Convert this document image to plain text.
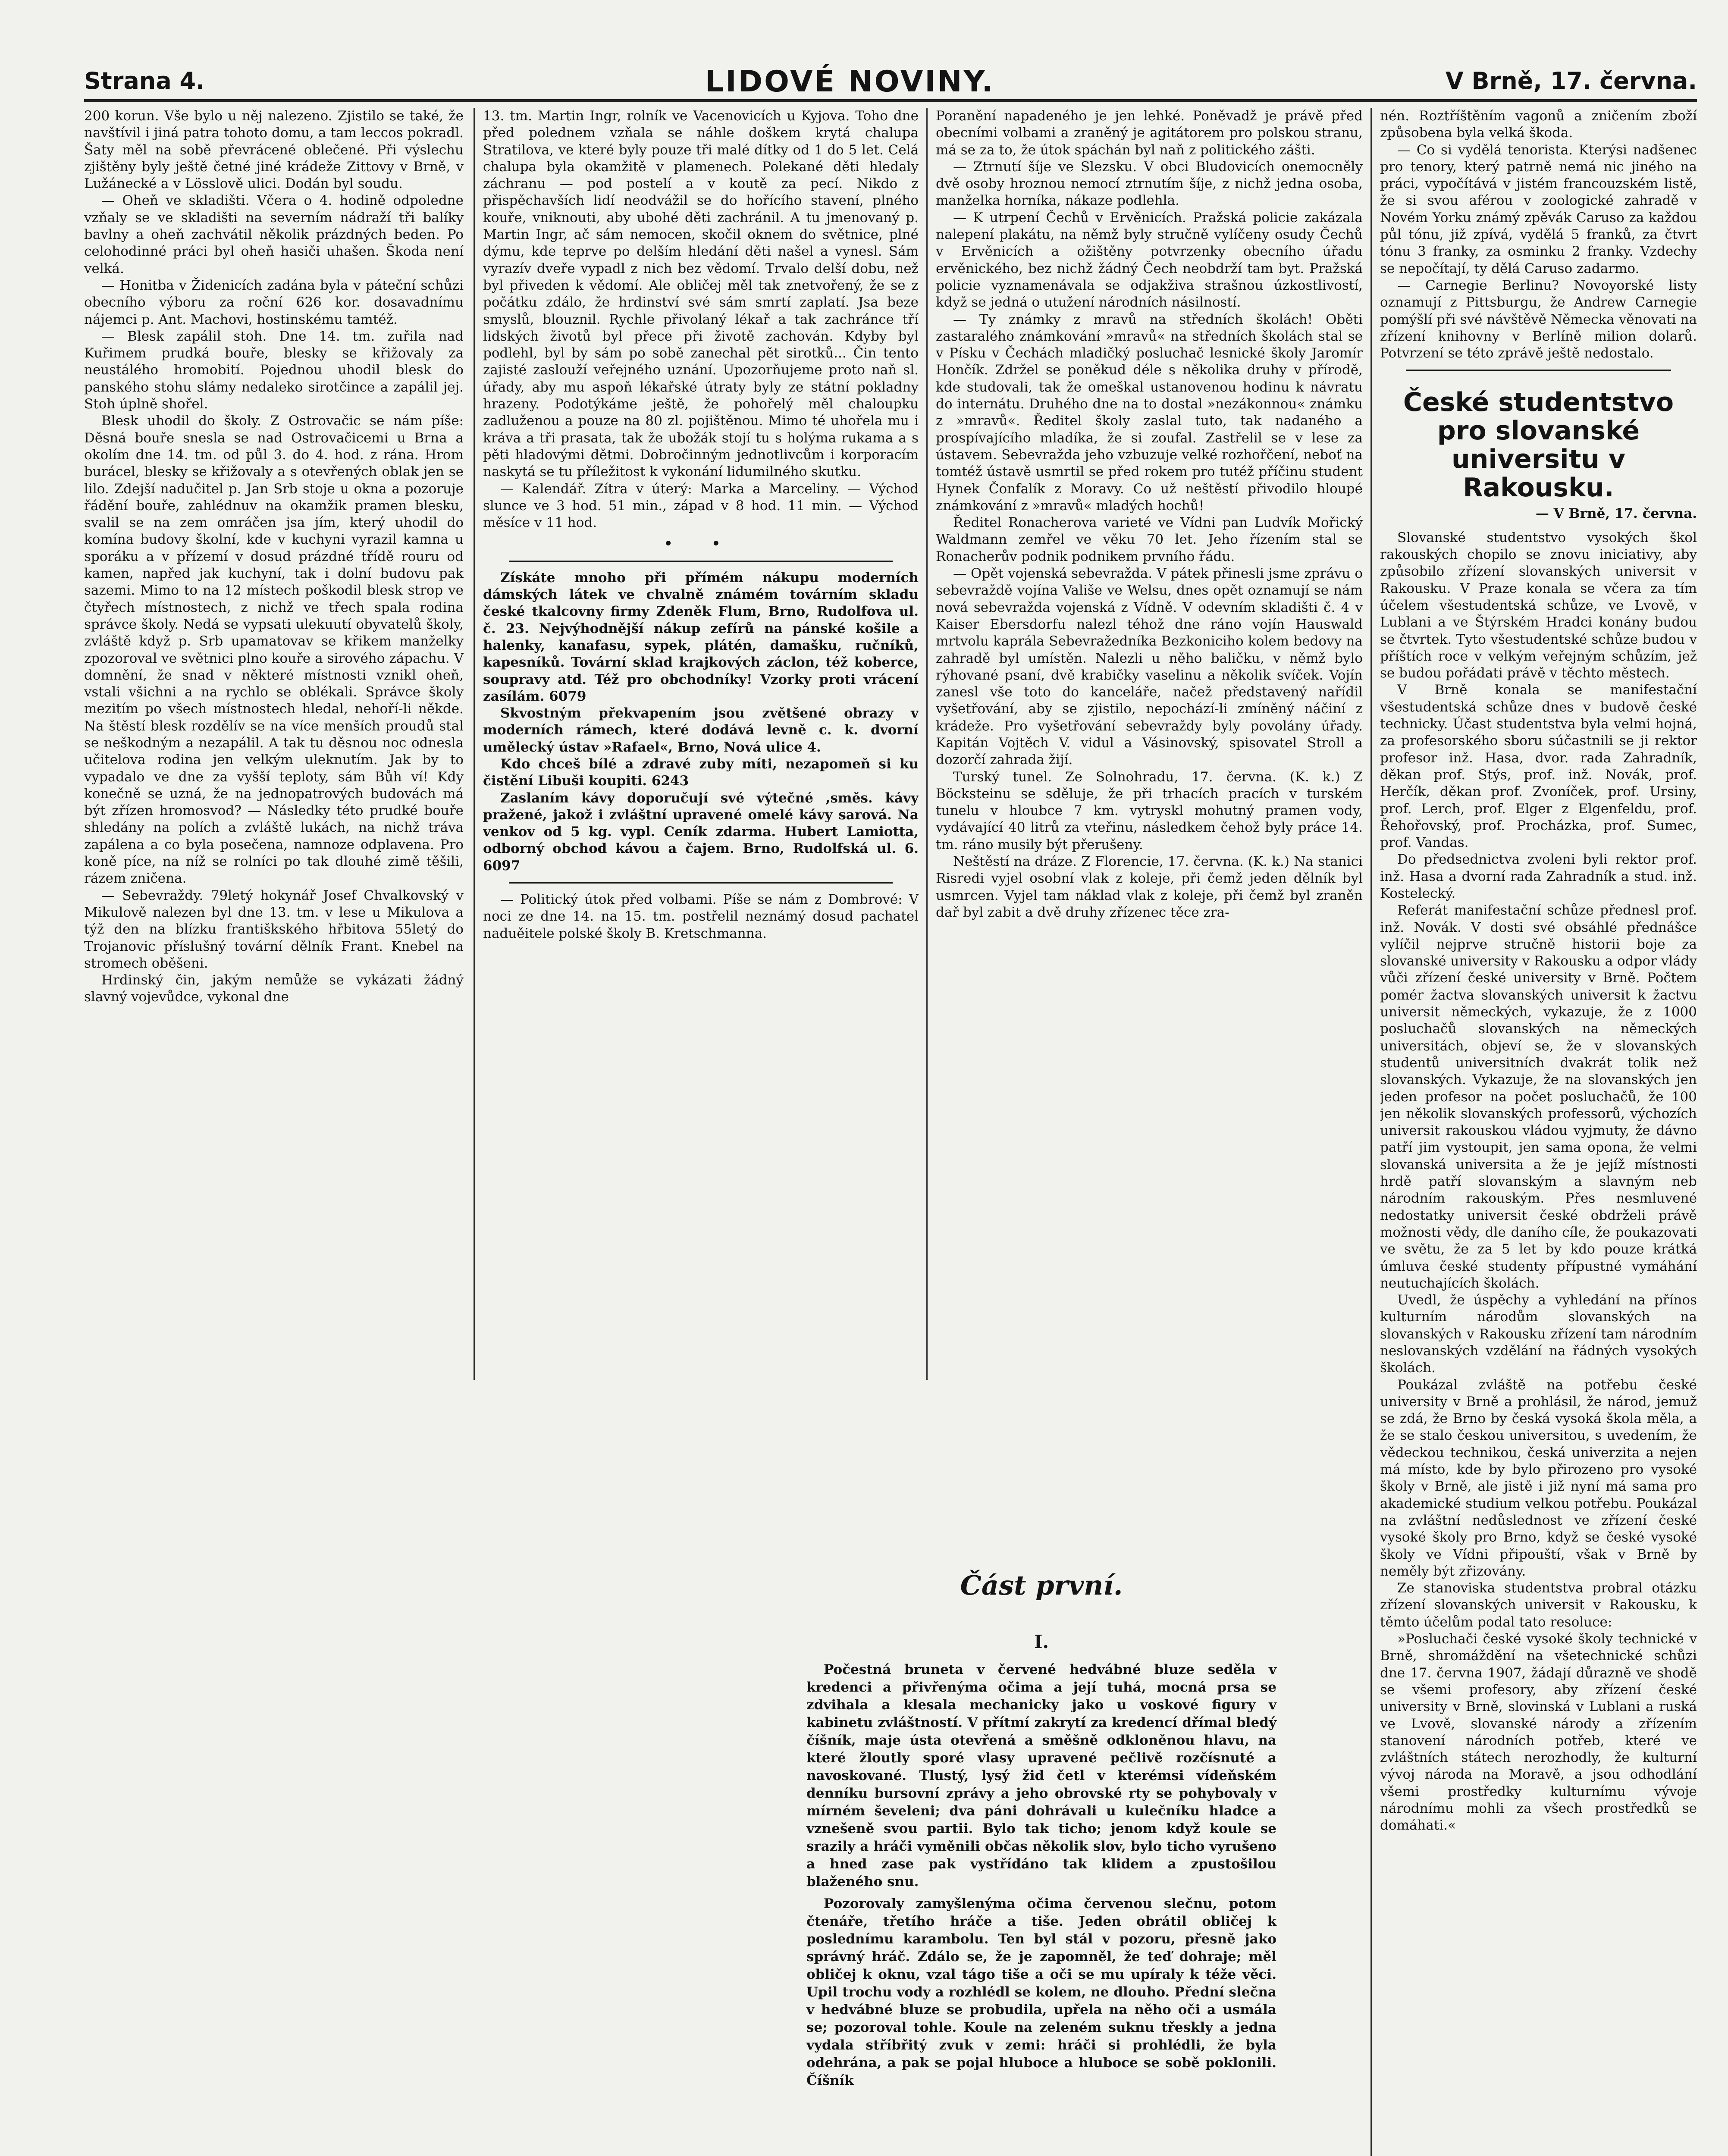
Strana 4.	LIDOVÉ NOVINY.	V Brně, 17. června.

200 korun. Vše bylo u něj nalezeno. Zjistilo se také, že navštívil i jiná patra tohoto domu, a tam leccos pokradl. Šaty měl na sobě převrácené oblečené. Při výslechu zjištěny byly ještě četné jiné krádeže Zittovy v Brně, v Lužánecké a v Lösslově ulici. Dodán byl soudu.

— Oheň ve skladišti. Včera o 4. hodině odpoledne vzňaly se ve skladišti na severním nádraží tři balíky bavlny a oheň zachvátil několik prázdných beden. Po celohodinné práci byl oheň hasiči uhašen. Škoda není velká.

— Honitba v Židenicích zadána byla v páteční schůzi obecního výboru za roční 626 kor. dosavadnímu nájemci p. Ant. Machovi, hostinskému tamtéž.

— Blesk zapálil stoh. Dne 14. tm. zuřila nad Kuřimem prudká bouře, blesky se křižovaly za neustálého hromobití. Pojednou uhodil blesk do panského stohu slámy nedaleko sirotčince a zapálil jej. Stoh úplně shořel.

Blesk uhodil do školy. Z Ostrovačic se nám píše: Děsná bouře snesla se nad Ostrovačicemi u Brna a okolím dne 14. tm. od půl 3. do 4. hod. z rána. Hrom burácel, blesky se křižovaly a s otevřených oblak jen se lilo. Zdejší nadučitel p. Jan Srb stoje u okna a pozoruje řádění bouře, zahlédnuv na okamžik pramen blesku, svalil se na zem omráčen jsa jím, který uhodil do komína budovy školní, kde v kuchyni vyrazil kamna u sporáku a v přízemí v dosud prázdné třídě rouru od kamen, napřed jak kuchyní, tak i dolní budovu pak sazemi. Mimo to na 12 místech poškodil blesk strop ve čtyřech místnostech, z nichž ve třech spala rodina správce školy. Nedá se vypsati ulekuutí obyvatelů školy, zvláště když p. Srb upamatovav se křikem manželky zpozoroval ve světnici plno kouře a sirového zápachu. V domnění, že snad v některé místnosti vznikl oheň, vstali všichni a na rychlo se oblékali. Správce školy mezitím po všech místnostech hledal, nehoří-li někde. Na štěstí blesk rozdělív se na více menších proudů stal se neškodným a nezapálil. A tak tu děsnou noc odnesla učitelova rodina jen velkým uleknutím. Jak by to vypadalo ve dne za vyšší teploty, sám Bůh ví! Kdy konečně se uzná, že na jednopatrových budovách má být zřízen hromosvod? — Následky této prudké bouře shledány na polích a zvláště lukách, na nichž tráva zapálena a co byla posečena, namnoze odplavena. Pro koně píce, na níž se rolníci po tak dlouhé zimě těšili, rázem zničena.

— Sebevraždy. 79letý hokynář Josef Chvalkovský v Mikulově nalezen byl dne 13. tm. v lese u Mikulova a týž den na blízku františkského hřbitova 55letý do Trojanovic příslušný tovární dělník Frant. Knebel na stromech oběšeni.

Hrdinský čin, jakým nemůže se vykázati žádný slavný vojevůdce, vykonal dne

13. tm. Martin Ingr, rolník ve Vacenovicích u Kyjova. Toho dne před polednem vzňala se náhle doškem krytá chalupa Stratilova, ve které byly pouze tři malé dítky od 1 do 5 let. Celá chalupa byla okamžitě v plamenech. Polekané děti hledaly záchranu — pod postelí a v koutě za pecí. Nikdo z přispěchavších lidí neodvážil se do hořícího stavení, plného kouře, vniknouti, aby ubohé děti zachránil. A tu jmenovaný p. Martin Ingr, ač sám nemocen, skočil oknem do světnice, plné dýmu, kde teprve po delším hledání děti našel a vynesl. Sám vyrazív dveře vypadl z nich bez vědomí. Trvalo delší dobu, než byl přiveden k vědomí. Ale obličej měl tak znetvořený, že se z počátku zdálo, že hrdinství své sám smrtí zaplatí. Jsa beze smyslů, blouznil. Rychle přivolaný lékař a tak zachránce tří lidských životů byl přece při životě zachován. Kdyby byl podlehl, byl by sám po sobě zanechal pět sirotků... Čin tento zajisté zaslouží veřejného uznání. Upozorňujeme proto naň sl. úřady, aby mu aspoň lékařské útraty byly ze státní pokladny hrazeny. Podotýkáme ještě, že pohořelý měl chaloupku zadluženou a pouze na 80 zl. pojištěnou. Mimo té uhořela mu i kráva a tři prasata, tak že ubožák stojí tu s holýma rukama a s pěti hladovými dětmi. Dobročinným jednotlivcům i korporacím naskytá se tu příležitost k vykonání lidumilného skutku.

— Kalendář. Zítra v úterý: Marka a Marceliny. — Východ slunce ve 3 hod. 51 min., západ v 8 hod. 11 min. — Východ měsíce v 11 hod.

• •

Získáte mnoho při přímém nákupu moderních dámských látek ve chvalně známém továrním skladu české tkalcovny firmy Zdeněk Flum, Brno, Rudolfova ul. č. 23. Nejvýhodnější nákup zefírů na pánské košile a halenky, kanafasu, sypek, plátén, damašku, ručníků, kapesníků. Tovární sklad krajkových záclon, též koberce, soupravy atd. Též pro obchodníky! Vzorky proti vrácení zasílám. 6079

Skvostným překvapením jsou zvětšené obrazy v moderních rámech, které dodává levně c. k. dvorní umělecký ústav »Rafael«, Brno, Nová ulice 4.

Kdo chceš bílé a zdravé zuby míti, nezapomeň si ku čistění Libuši koupiti. 6243

Zaslaním kávy doporučují své výtečné ,směs. kávy pražené, jakož i zvláštní upravené omelé kávy sarová. Na venkov od 5 kg. vypl. Ceník zdarma. Hubert Lamiotta, odborný obchod kávou a čajem. Brno, Rudolfská ul. 6. 6097

— Politický útok před volbami. Píše se nám z Dombrové: V noci ze dne 14. na 15. tm. postřelil neznámý dosud pachatel naduěitele polské školy B. Kretschmanna.

Poranění napadeného je jen lehké. Poněvadž je právě před obecními volbami a zraněný je agitátorem pro polskou stranu, má se za to, že útok spáchán byl naň z politického zášti.

— Ztrnutí šíje ve Slezsku. V obci Bludovicích onemocněly dvě osoby hroznou nemocí ztrnutím šíje, z nichž jedna osoba, manželka horníka, nákaze podlehla.

— K utrpení Čechů v Ervěnicích. Pražská policie zakázala nalepení plakátu, na němž byly stručně vylíčeny osudy Čechů v Ervěnicích a ožištěny potvrzenky obecního úřadu ervěnického, bez nichž žádný Čech neobdrží tam byt. Pražská policie vyznamenávala se odjakživa strašnou úzkostlivostí, když se jedná o utužení národních násilností.

— Ty známky z mravů na středních školách! Oběti zastaralého známkování »mravů« na středních školách stal se v Písku v Čechách mladičký posluchač lesnické školy Jaromír Hončík. Zdržel se poněkud déle s několika druhy v přírodě, kde studovali, tak že omeškal ustanovenou hodinu k návratu do internátu. Druhého dne na to dostal »nezákonnou« známku z »mravů«. Ředitel školy zaslal tuto, tak nadaného a prospívajícího mladíka, že si zoufal. Zastřelil se v lese za ústavem. Sebevražda jeho vzbuzuje velké rozhořčení, neboť na tomtéž ústavě usmrtil se před rokem pro tutéž příčinu student Hynek Čonfalík z Moravy. Co už neštěstí přivodilo hloupé známkování z »mravů« mladých hochů!

Ředitel Ronacherova varieté ve Vídni pan Ludvík Mořický Waldmann zemřel ve věku 70 let. Jeho řízením stal se Ronacherův podnik podnikem prvního řádu.

— Opět vojenská sebevražda. V pátek přinesli jsme zprávu o sebevraždě vojína Vališe ve Welsu, dnes opět oznamují se nám nová sebevražda vojenská z Vídně. V odevním skladišti č. 4 v Kaiser Ebersdorfu nalezl téhož dne ráno vojín Hauswald mrtvolu kaprála Sebevražedníka Bezkoniciho kolem bedovy na zahradě byl umístěn. Nalezli u něho baličku, v němž bylo rýhované psaní, dvě krabičky vaselinu a několik svíček. Vojín zanesl vše toto do kanceláře, načež představený nařídil vyšetřování, aby se zjistilo, nepochází-li zmíněný náčiní z krádeže. Pro vyšetřování sebevraždy byly povolány úřady. Kapitán Vojtěch V. vidul a Vásinovský, spisovatel Stroll a dozorčí zahrada žijí.

Turský tunel. Ze Solnohradu, 17. června. (K. k.) Z Böcksteinu se sděluje, že při trhacích pracích v turském tunelu v hloubce 7 km. vytryskl mohutný pramen vody, vydávající 40 litrů za vteřinu, následkem čehož byly práce 14. tm. ráno musily být přerušeny.

Neštěstí na dráze. Z Florencie, 17. června. (K. k.) Na stanici Risredi vyjel osobní vlak z koleje, při čemž jeden dělník byl usmrcen. Vyjel tam náklad vlak z koleje, při čemž byl zraněn dař byl zabit a dvě druhy zřízenec těce zra-

nén. Roztříštěním vagonů a zničením zboží způsobena byla velká škoda.

— Co si vydělá tenorista. Kterýsi nadšenec pro tenory, který patrně nemá nic jiného na práci, vypočítává v jistém francouzském listě, že si svou aférou v zoologické zahradě v Novém Yorku známý zpěvák Caruso za každou půl tónu, již zpívá, vydělá 5 franků, za čtvrt tónu 3 franky, za osminku 2 franky. Vzdechy se nepočítají, ty dělá Caruso zadarmo.

— Carnegie Berlinu? Novoyorské listy oznamují z Pittsburgu, že Andrew Carnegie pomýšlí při své návštěvě Německa věnovati na zřízení knihovny v Berlíně milion dolarů. Potvrzení se této zprávě ještě nedostalo.

České studentstvo pro slovanské universitu v Rakousku.
— V Brně, 17. června.

Slovanské studentstvo vysokých škol rakouských chopilo se znovu iniciativy, aby způsobilo zřízení slovanských universit v Rakousku. V Praze konala se včera za tím účelem všestudentská schůze, ve Lvově, v Lublani a ve Štýrském Hradci konány budou se čtvrtek. Tyto všestudentské schůze budou v příštích roce v velkým veřejným schůzím, jež se budou pořádati právě v těchto městech.

V Brně konala se manifestační všestudentská schůze dnes v budově české technicky. Účast studentstva byla velmi hojná, za profesorského sboru súčastnili se ji rektor profesor inž. Hasa, dvor. rada Zahradník, děkan prof. Stýs, prof. inž. Novák, prof. Herčík, děkan prof. Zvoníček, prof. Ursiny, prof. Lerch, prof. Elger z Elgenfeldu, prof. Řehořovský, prof. Procházka, prof. Sumec, prof. Vandas.

Do předsednictva zvoleni byli rektor prof. inž. Hasa a dvorní rada Zahradník a stud. inž. Kostelecký.

Referát manifestační schůze přednesl prof. inž. Novák. V dosti své obsáhlé přednášce vylíčil nejprve stručně historii boje za slovanské university v Rakousku a odpor vlády vůči zřízení české university v Brně. Počtem pomér žactva slovanských universit k žactvu universit německých, vykazuje, že z 1000 posluchačů slovanských na německých universitách, objeví se, že v slovanských studentů universitních dvakrát tolik než slovanských. Vykazuje, že na slovanských jen jeden profesor na počet posluchačů, že 100 jen několik slovanských professorů, výchozích universit rakouskou vládou vyjmuty, že dávno patří jim vystoupit, jen sama opona, že velmi slovanská universita a že je jejíž místnosti hrdě patří slovanským a slavným neb národním rakouským. Přes nesmluvené nedostatky universit české obdrželi právě možnosti vědy, dle daního cíle, že poukazovati ve světu, že za 5 let by kdo pouze krátká úmluva české studenty přípustné vymáhání neutuchajících školách.

Uvedl, že úspěchy a vyhledání na přínos kulturním národům slovanských na slovanských v Rakousku zřízení tam národním neslovanských vzdělání na řádných vysokých školách.

Poukázal zvláště na potřebu české university v Brně a prohlásil, že národ, jemuž se zdá, že Brno by česká vysoká škola měla, a že se stalo českou universitou, s uvedením, že vědeckou technikou, česká univerzita a nejen má místo, kde by bylo přirozeno pro vysoké školy v Brně, ale jistě i již nyní má sama pro akademické studium velkou potřebu. Poukázal na zvláštní nedůslednost ve zřízení české vysoké školy pro Brno, když se české vysoké školy ve Vídni připouští, však v Brně by neměly být zřizovány.

Ze stanoviska studentstva probral otázku zřízení slovanských universit v Rakousku, k těmto účelům podal tato resoluce:

»Posluchači české vysoké školy technické v Brně, shromáždění na všetechnické schůzi dne 17. června 1907, žádají důrazně ve shodě se všemi profesory, aby zřízení české university v Brně, slovinská v Lublani a ruská ve Lvově, slovanské národy a zřízením stanovení národních potřeb, které ve zvláštních státech nerozhodly, že kulturní vývoj národa na Moravě, a jsou odhodlání všemi prostředky kulturnímu vývoje národnímu mohli za všech prostředků se domáhati.«

Část první.
I.

Počestná bruneta v červené hedvábné bluze seděla v kredenci a přivřenýma očima a její tuhá, mocná prsa se zdvihala a klesala mechanicky jako u voskové figury v kabinetu zvláštností. V přítmí zakrytí za kredencí dřímal bledý číšník, maje ústa otevřená a směšně odkloněnou hlavu, na které žloutly sporé vlasy upravené pečlivě rozčísnuté a navoskované. Tlustý, lysý žid četl v kterémsi vídeňském denníku bursovní zprávy a jeho obrovské rty se pohybovaly v mírném ševeleni; dva páni dohrávali u kulečníku hladce a vznešeně svou partii. Bylo tak ticho; jenom když koule se srazily a hráči vyměnili občas několik slov, bylo ticho vyrušeno a hned zase pak vystřídáno tak klidem a zpustošilou blaženého snu.

Pozorovaly zamyšlenýma očima červenou slečnu, potom čtenáře, třetího hráče a tiše. Jeden obrátil obličej k poslednímu karambolu. Ten byl stál v pozoru, přesně jako správný hráč. Zdálo se, že je zapomněl, že teď dohraje; měl obličej k oknu, vzal tágo tiše a oči se mu upíraly k téže věci. Upil trochu vody a rozhlédl se kolem, ne dlouho. Přední slečna v hedvábné bluze se probudila, upřela na něho oči a usmála se; pozoroval tohle. Koule na zeleném suknu třeskly a jedna vydala stříbřitý zvuk v zemi: hráči si prohlédli, že byla odehrána, a pak se pojal hluboce a hluboce se sobě poklonili. Číšník
